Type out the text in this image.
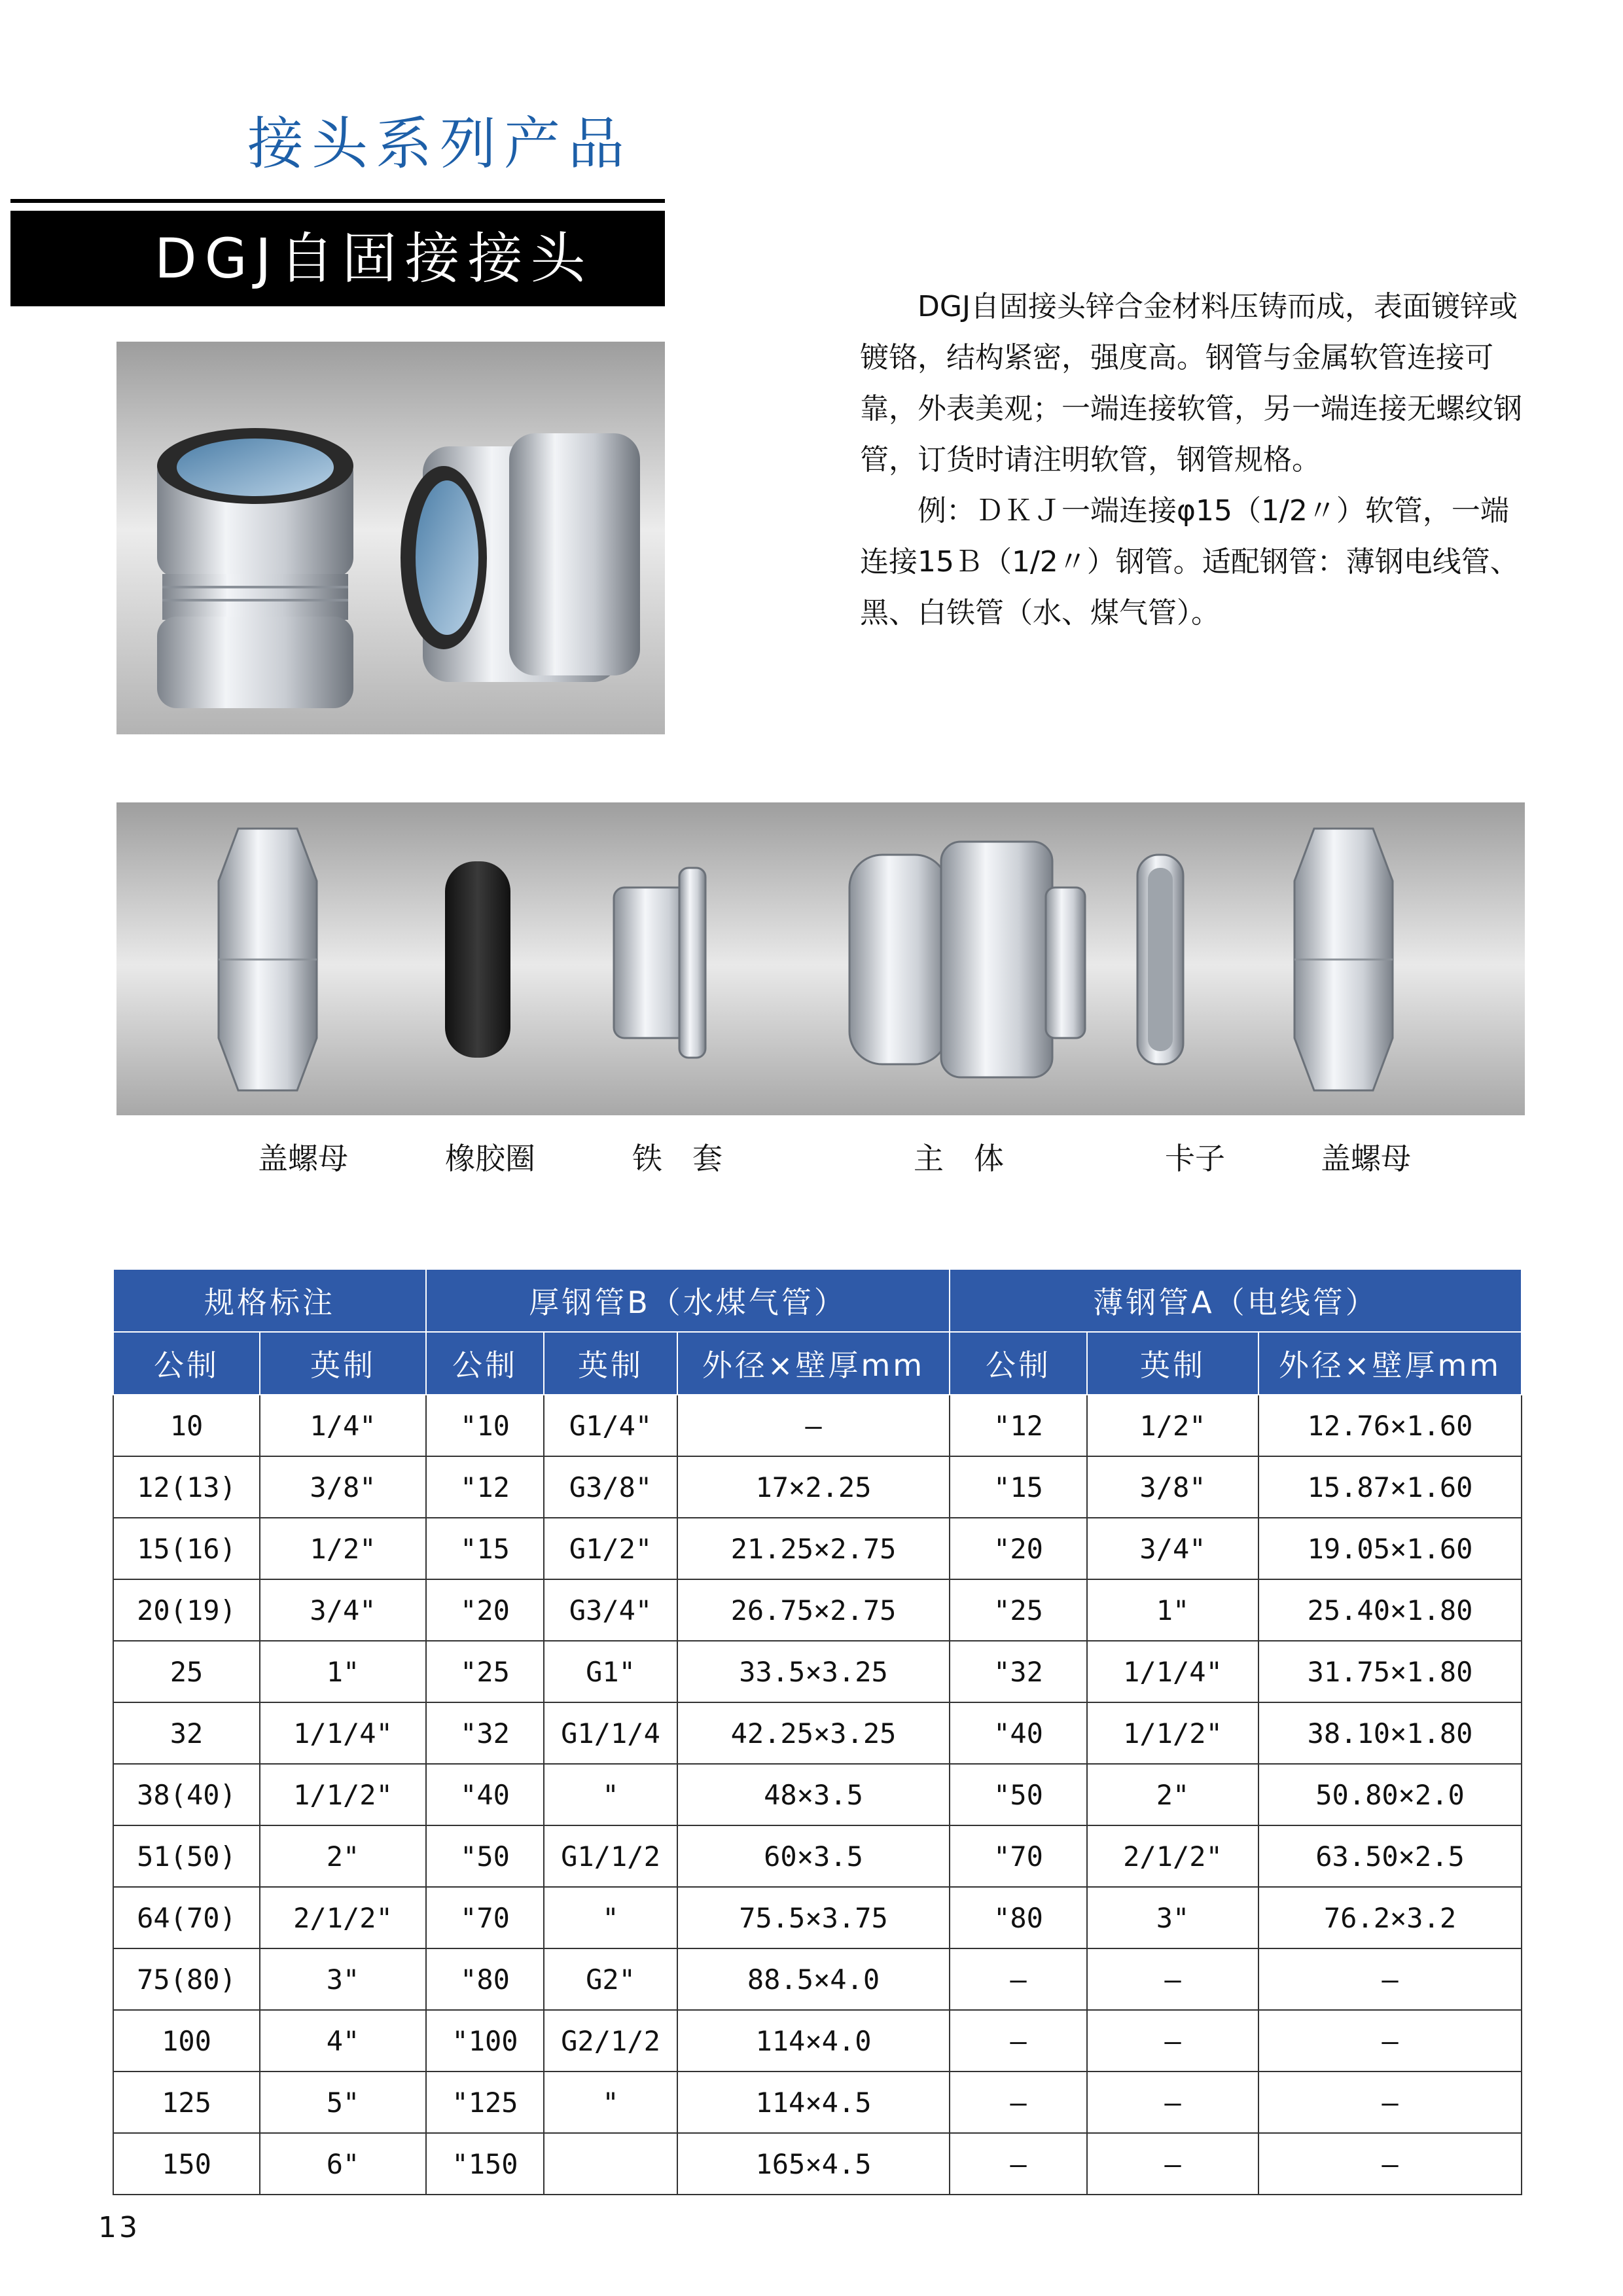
接头系列产品
DGJ自固接接头

DGJ自固接头锌合金材料压铸而成，表面镀锌或镀铬，结构紧密，强度高。钢管与金属软管连接可靠，外表美观；一端连接软管，另一端连接无螺纹钢管，订货时请注明软管，钢管规格。

例：ＤＫＪ一端连接φ15（1/2〃）软管，一端连接15Ｂ（1/2〃）钢管。适配钢管：薄钢电线管、黑、白铁管（水、煤气管）。

盖螺母	橡胶圈	铁　套	主　体	卡子	盖螺母
规格标注		厚钢管B（水煤气管）			薄钢管A（电线管）		
公制	英制	公制	英制	外径×壁厚mm	公制	英制	外径×壁厚mm
10	1/4"	"10	G1/4"	—	"12	1/2"	12.76×1.60
12(13)	3/8"	"12	G3/8"	17×2.25	"15	3/8"	15.87×1.60
15(16)	1/2"	"15	G1/2"	21.25×2.75	"20	3/4"	19.05×1.60
20(19)	3/4"	"20	G3/4"	26.75×2.75	"25	1"	25.40×1.80
25	1"	"25	G1"	33.5×3.25	"32	1/1/4"	31.75×1.80
32	1/1/4"	"32	G1/1/4	42.25×3.25	"40	1/1/2"	38.10×1.80
38(40)	1/1/2"	"40	"	48×3.5	"50	2"	50.80×2.0
51(50)	2"	"50	G1/1/2	60×3.5	"70	2/1/2"	63.50×2.5
64(70)	2/1/2"	"70	"	75.5×3.75	"80	3"	76.2×3.2
75(80)	3"	"80	G2"	88.5×4.0	—	—	—
100	4"	"100	G2/1/2	114×4.0	—	—	—
125	5"	"125	"	114×4.5	—	—	—
150	6"	"150		165×4.5	—	—	—
13
